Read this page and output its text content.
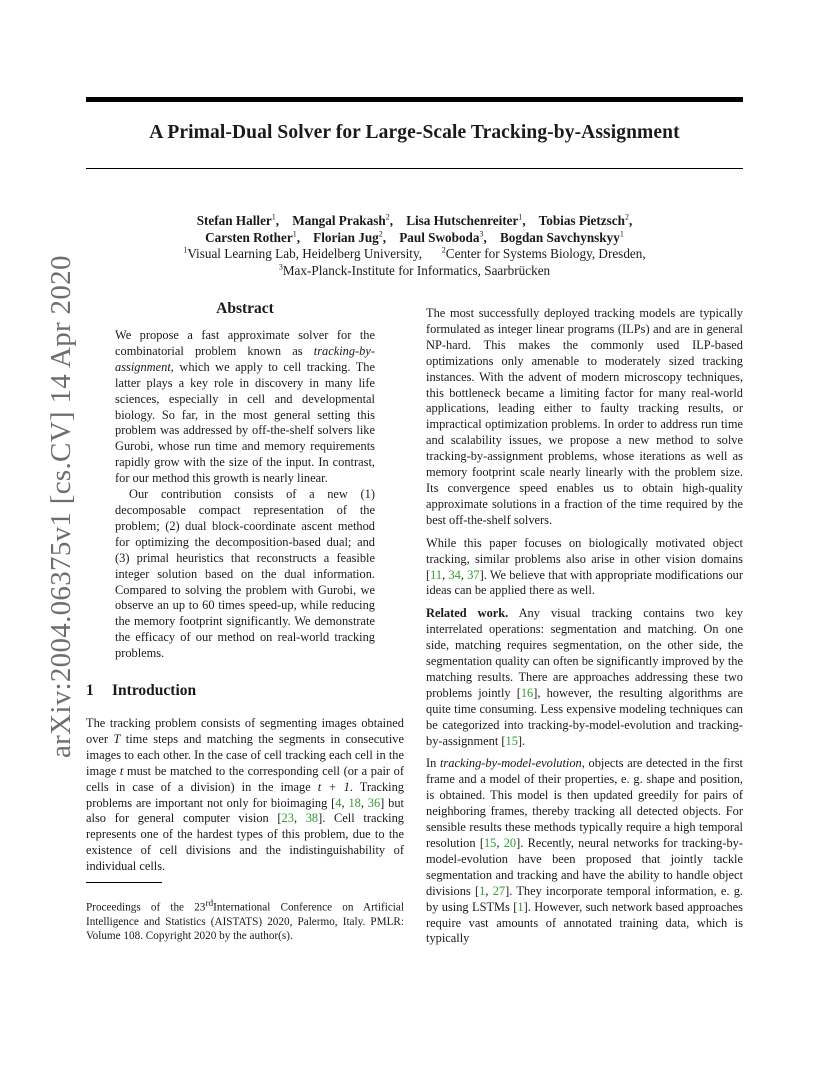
A Primal-Dual Solver for Large-Scale Tracking-by-Assignment
Stefan Haller$^1$,    Mangal Prakash$^2$,    Lisa Hutschenreiter$^1$,    Tobias Pietzsch$^2$,
Carsten Rother$^1$,    Florian Jug$^2$,    Paul Swoboda$^3$,    Bogdan Savchynskyy$^1$
$^1$Visual Learning Lab, Heidelberg University, $^2$Center for Systems Biology, Dresden,
$^3$Max-Planck-Institute for Informatics, Saarbrücken
arXiv:2004.06375v1 [cs.CV] 14 Apr 2020	Abstract

We propose a fast approximate solver for the combinatorial problem known as tracking-by-assignment, which we apply to cell tracking. The latter plays a key role in discovery in many life sciences, especially in cell and developmental biology. So far, in the most general setting this problem was addressed by off-the-shelf solvers like Gurobi, whose run time and memory requirements rapidly grow with the size of the input. In contrast, for our method this growth is nearly linear.

Our contribution consists of a new (1) decomposable compact representation of the problem; (2) dual block-coordinate ascent method for optimizing the decomposition-based dual; and (3) primal heuristics that reconstructs a feasible integer solution based on the dual information. Compared to solving the problem with Gurobi, we observe an up to 60 times speed-up, while reducing the memory footprint significantly. We demonstrate the efficacy of our method on real-world tracking problems.

1 Introduction

The tracking problem consists of segmenting images obtained over T time steps and matching the segments in consecutive images to each other. In the case of cell tracking each cell in the image t must be matched to the corresponding cell (or a pair of cells in case of a division) in the image t + 1. Tracking problems are important not only for bioimaging [4, 18, 36] but also for general computer vision [23, 38]. Cell tracking represents one of the hardest types of this problem, due to the existence of cell divisions and the indistinguishability of individual cells.

Proceedings of the 23rdInternational Conference on Artificial Intelligence and Statistics (AISTATS) 2020, Palermo, Italy. PMLR: Volume 108. Copyright 2020 by the author(s).

The most successfully deployed tracking models are typically formulated as integer linear programs (ILPs) and are in general NP-hard. This makes the commonly used ILP-based optimizations only amenable to moderately sized tracking instances. With the advent of modern microscopy techniques, this bottleneck became a limiting factor for many real-world applications, leading either to faulty tracking results, or impractical optimization problems. In order to address run time and scalability issues, we propose a new method to solve tracking-by-assignment problems, whose iterations as well as memory footprint scale nearly linearly with the problem size. Its convergence speed enables us to obtain high-quality approximate solutions in a fraction of the time required by the best off-the-shelf solvers.

While this paper focuses on biologically motivated object tracking, similar problems also arise in other vision domains [11, 34, 37]. We believe that with appropriate modifications our ideas can be applied there as well.

Related work. Any visual tracking contains two key interrelated operations: segmentation and matching. On one side, matching requires segmentation, on the other side, the segmentation quality can often be significantly improved by the matching results. There are approaches addressing these two problems jointly [16], however, the resulting algorithms are quite time consuming. Less expensive modeling techniques can be categorized into tracking-by-model-evolution and tracking-by-assignment [15].

In tracking-by-model-evolution, objects are detected in the first frame and a model of their properties, e. g. shape and position, is obtained. This model is then updated greedily for pairs of neighboring frames, thereby tracking all detected objects. For sensible results these methods typically require a high temporal resolution [15, 20]. Recently, neural networks for tracking-by-model-evolution have been proposed that jointly tackle segmentation and tracking and have the ability to handle object divisions [1, 27]. They incorporate temporal information, e. g. by using LSTMs [1]. However, such network based approaches require vast amounts of annotated training data, which is typically
